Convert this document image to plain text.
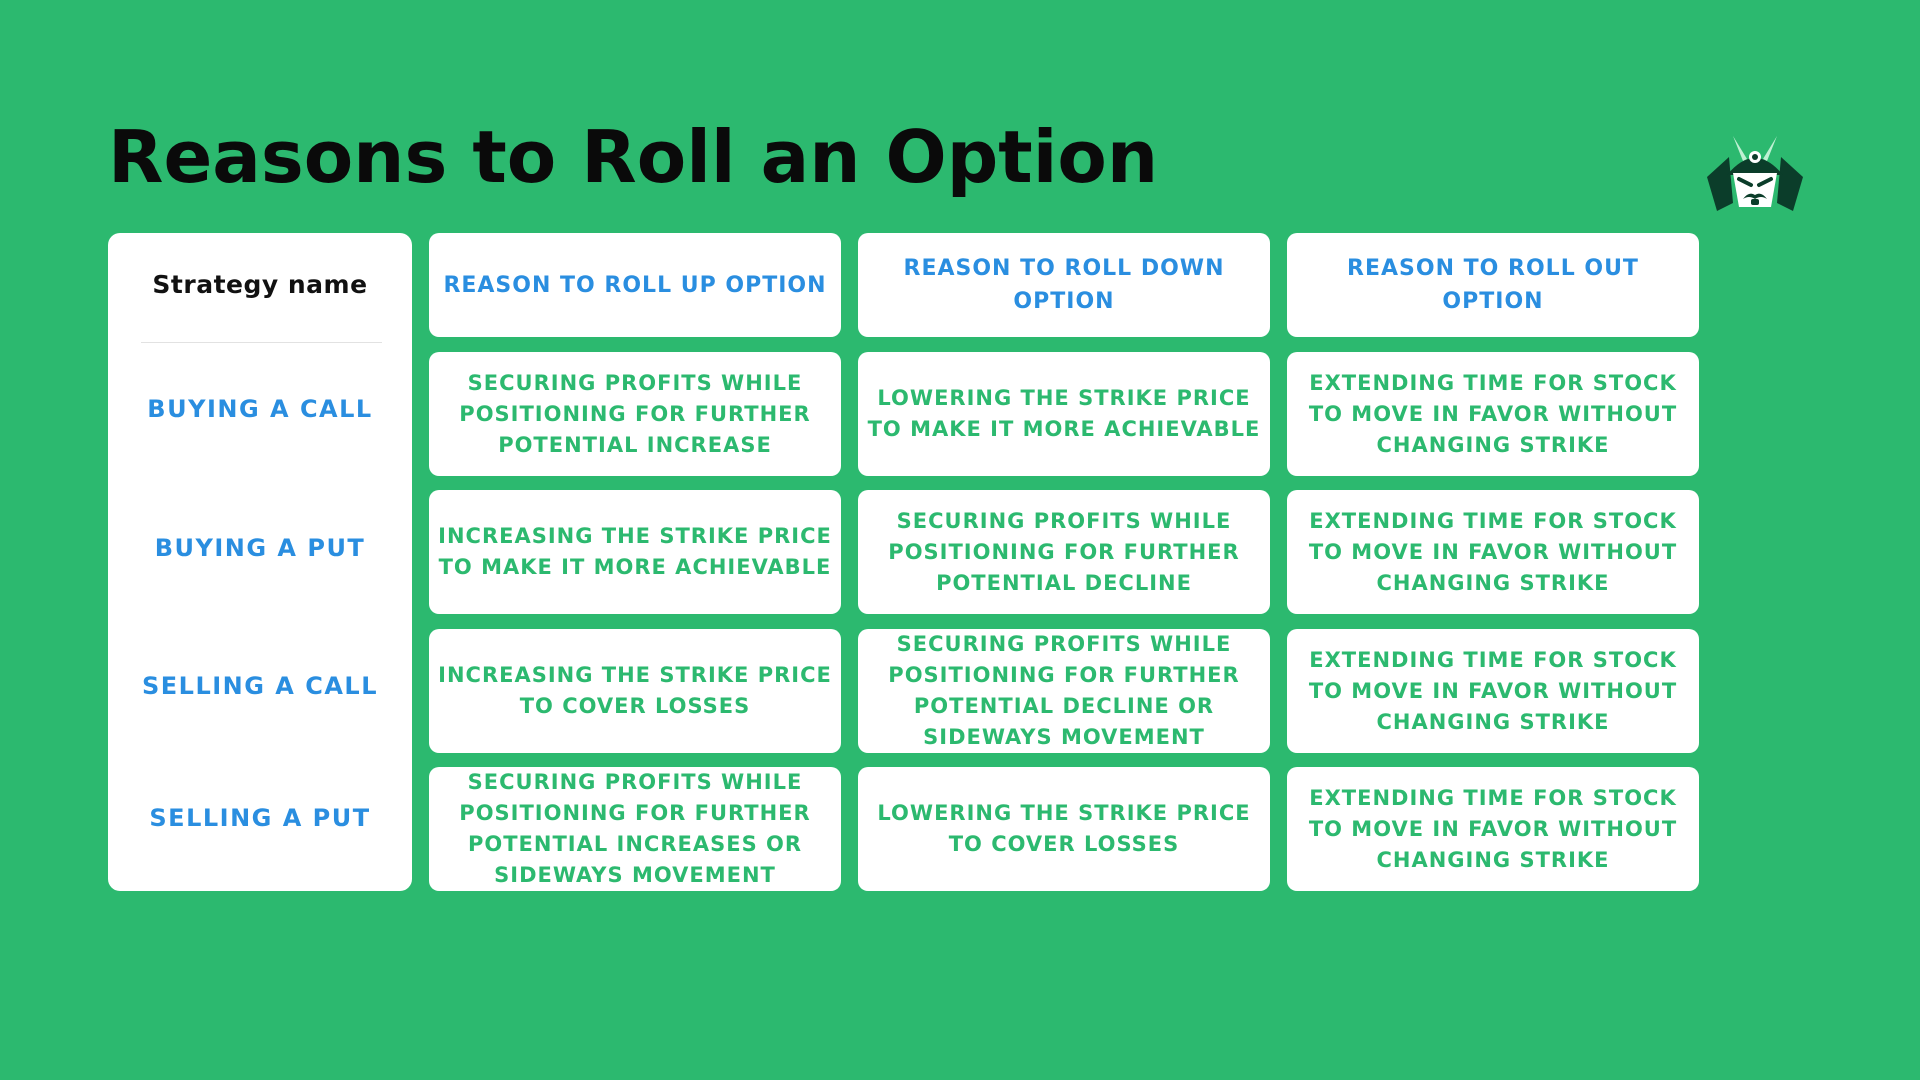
Reasons to Roll an Option
Strategy name
BUYING A CALL
BUYING A PUT
SELLING A CALL
SELLING A PUT
REASON TO ROLL UP OPTION
REASON TO ROLL DOWN OPTION
REASON TO ROLL OUT OPTION
SECURING PROFITS WHILE POSITIONING FOR FURTHER POTENTIAL INCREASE
LOWERING THE STRIKE PRICE TO MAKE IT MORE ACHIEVABLE
EXTENDING TIME FOR STOCK TO MOVE IN FAVOR WITHOUT CHANGING STRIKE
INCREASING THE STRIKE PRICE TO MAKE IT MORE ACHIEVABLE
SECURING PROFITS WHILE POSITIONING FOR FURTHER POTENTIAL DECLINE
EXTENDING TIME FOR STOCK TO MOVE IN FAVOR WITHOUT CHANGING STRIKE
INCREASING THE STRIKE PRICE TO COVER LOSSES
SECURING PROFITS WHILE POSITIONING FOR FURTHER POTENTIAL DECLINE OR SIDEWAYS MOVEMENT
EXTENDING TIME FOR STOCK TO MOVE IN FAVOR WITHOUT CHANGING STRIKE
SECURING PROFITS WHILE POSITIONING FOR FURTHER POTENTIAL INCREASES OR SIDEWAYS MOVEMENT
LOWERING THE STRIKE PRICE TO COVER LOSSES
EXTENDING TIME FOR STOCK TO MOVE IN FAVOR WITHOUT CHANGING STRIKE
